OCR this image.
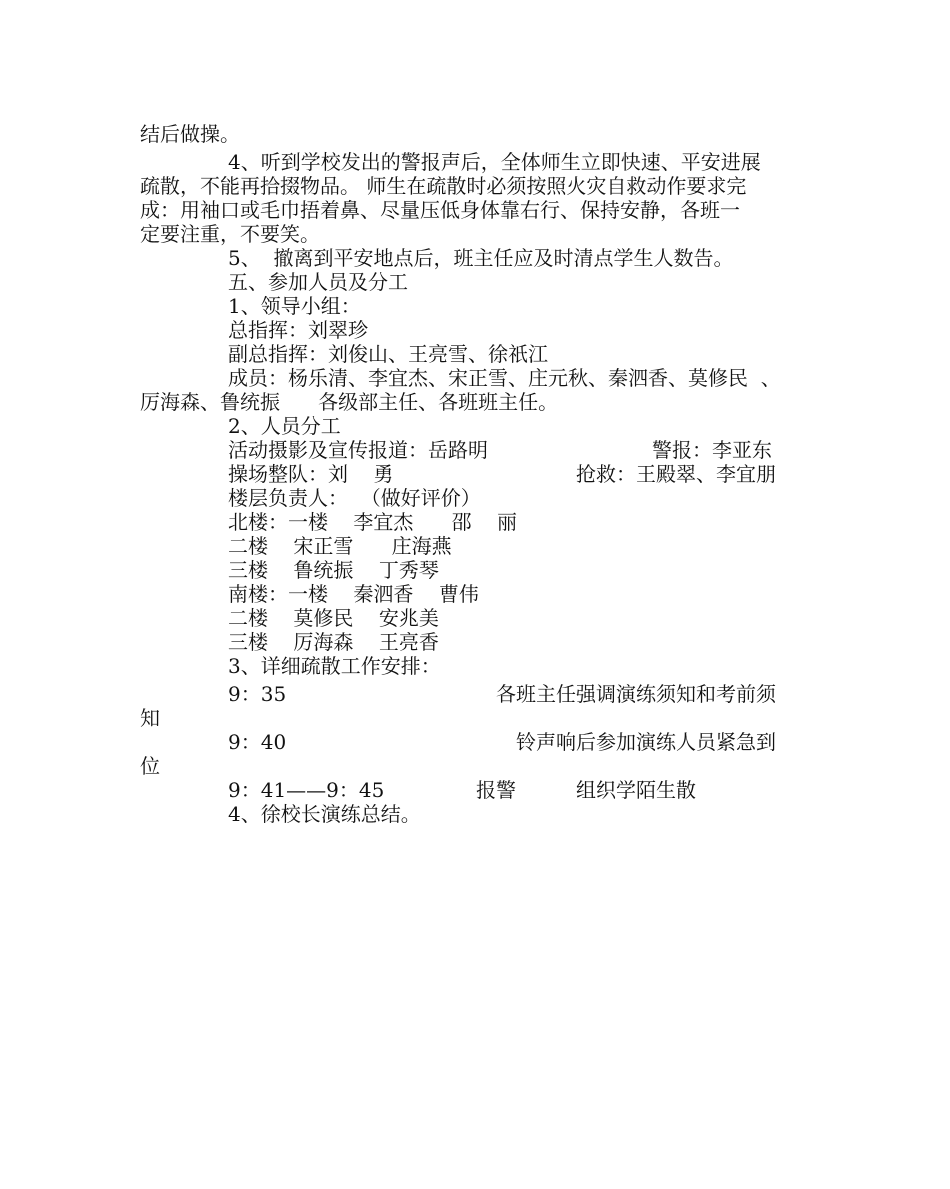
结后做操。

4、听到学校发出的警报声后，全体师生立即快速、平安进展

疏散，不能再拾掇物品。 师生在疏散时必须按照火灾自救动作要求完

成：用袖口或毛巾捂着鼻、尽量压低身体靠右行、保持安静，各班一

定要注重，不要笑。

5、  撤离到平安地点后，班主任应及时清点学生人数告。

五、参加人员及分工

1、领导小组：

总指挥：刘翠珍

副总指挥：刘俊山、王亮雪、徐祇江

成员：杨乐清、李宜杰、宋正雪、庄元秋、秦泗香、莫修民  、

厉海森、鲁统振      各级部主任、各班班主任。

2、人员分工

活动摄影及宣传报道：岳路明	警报：李亚东

操场整队：刘    勇	抢救：王殿翠、李宜朋

楼层负责人：  （做好评价）

北楼：一楼    李宜杰      邵    丽

二楼    宋正雪      庄海燕

三楼    鲁统振    丁秀琴

南楼：一楼    秦泗香    曹伟

二楼    莫修民    安兆美

三楼    厉海森    王亮香

3、详细疏散工作安排：

9：35	各班主任强调演练须知和考前须

知

9：40	铃声响后参加演练人员紧急到

位

9：41——9：45	报警	组织学陌生散

4、徐校长演练总结。
